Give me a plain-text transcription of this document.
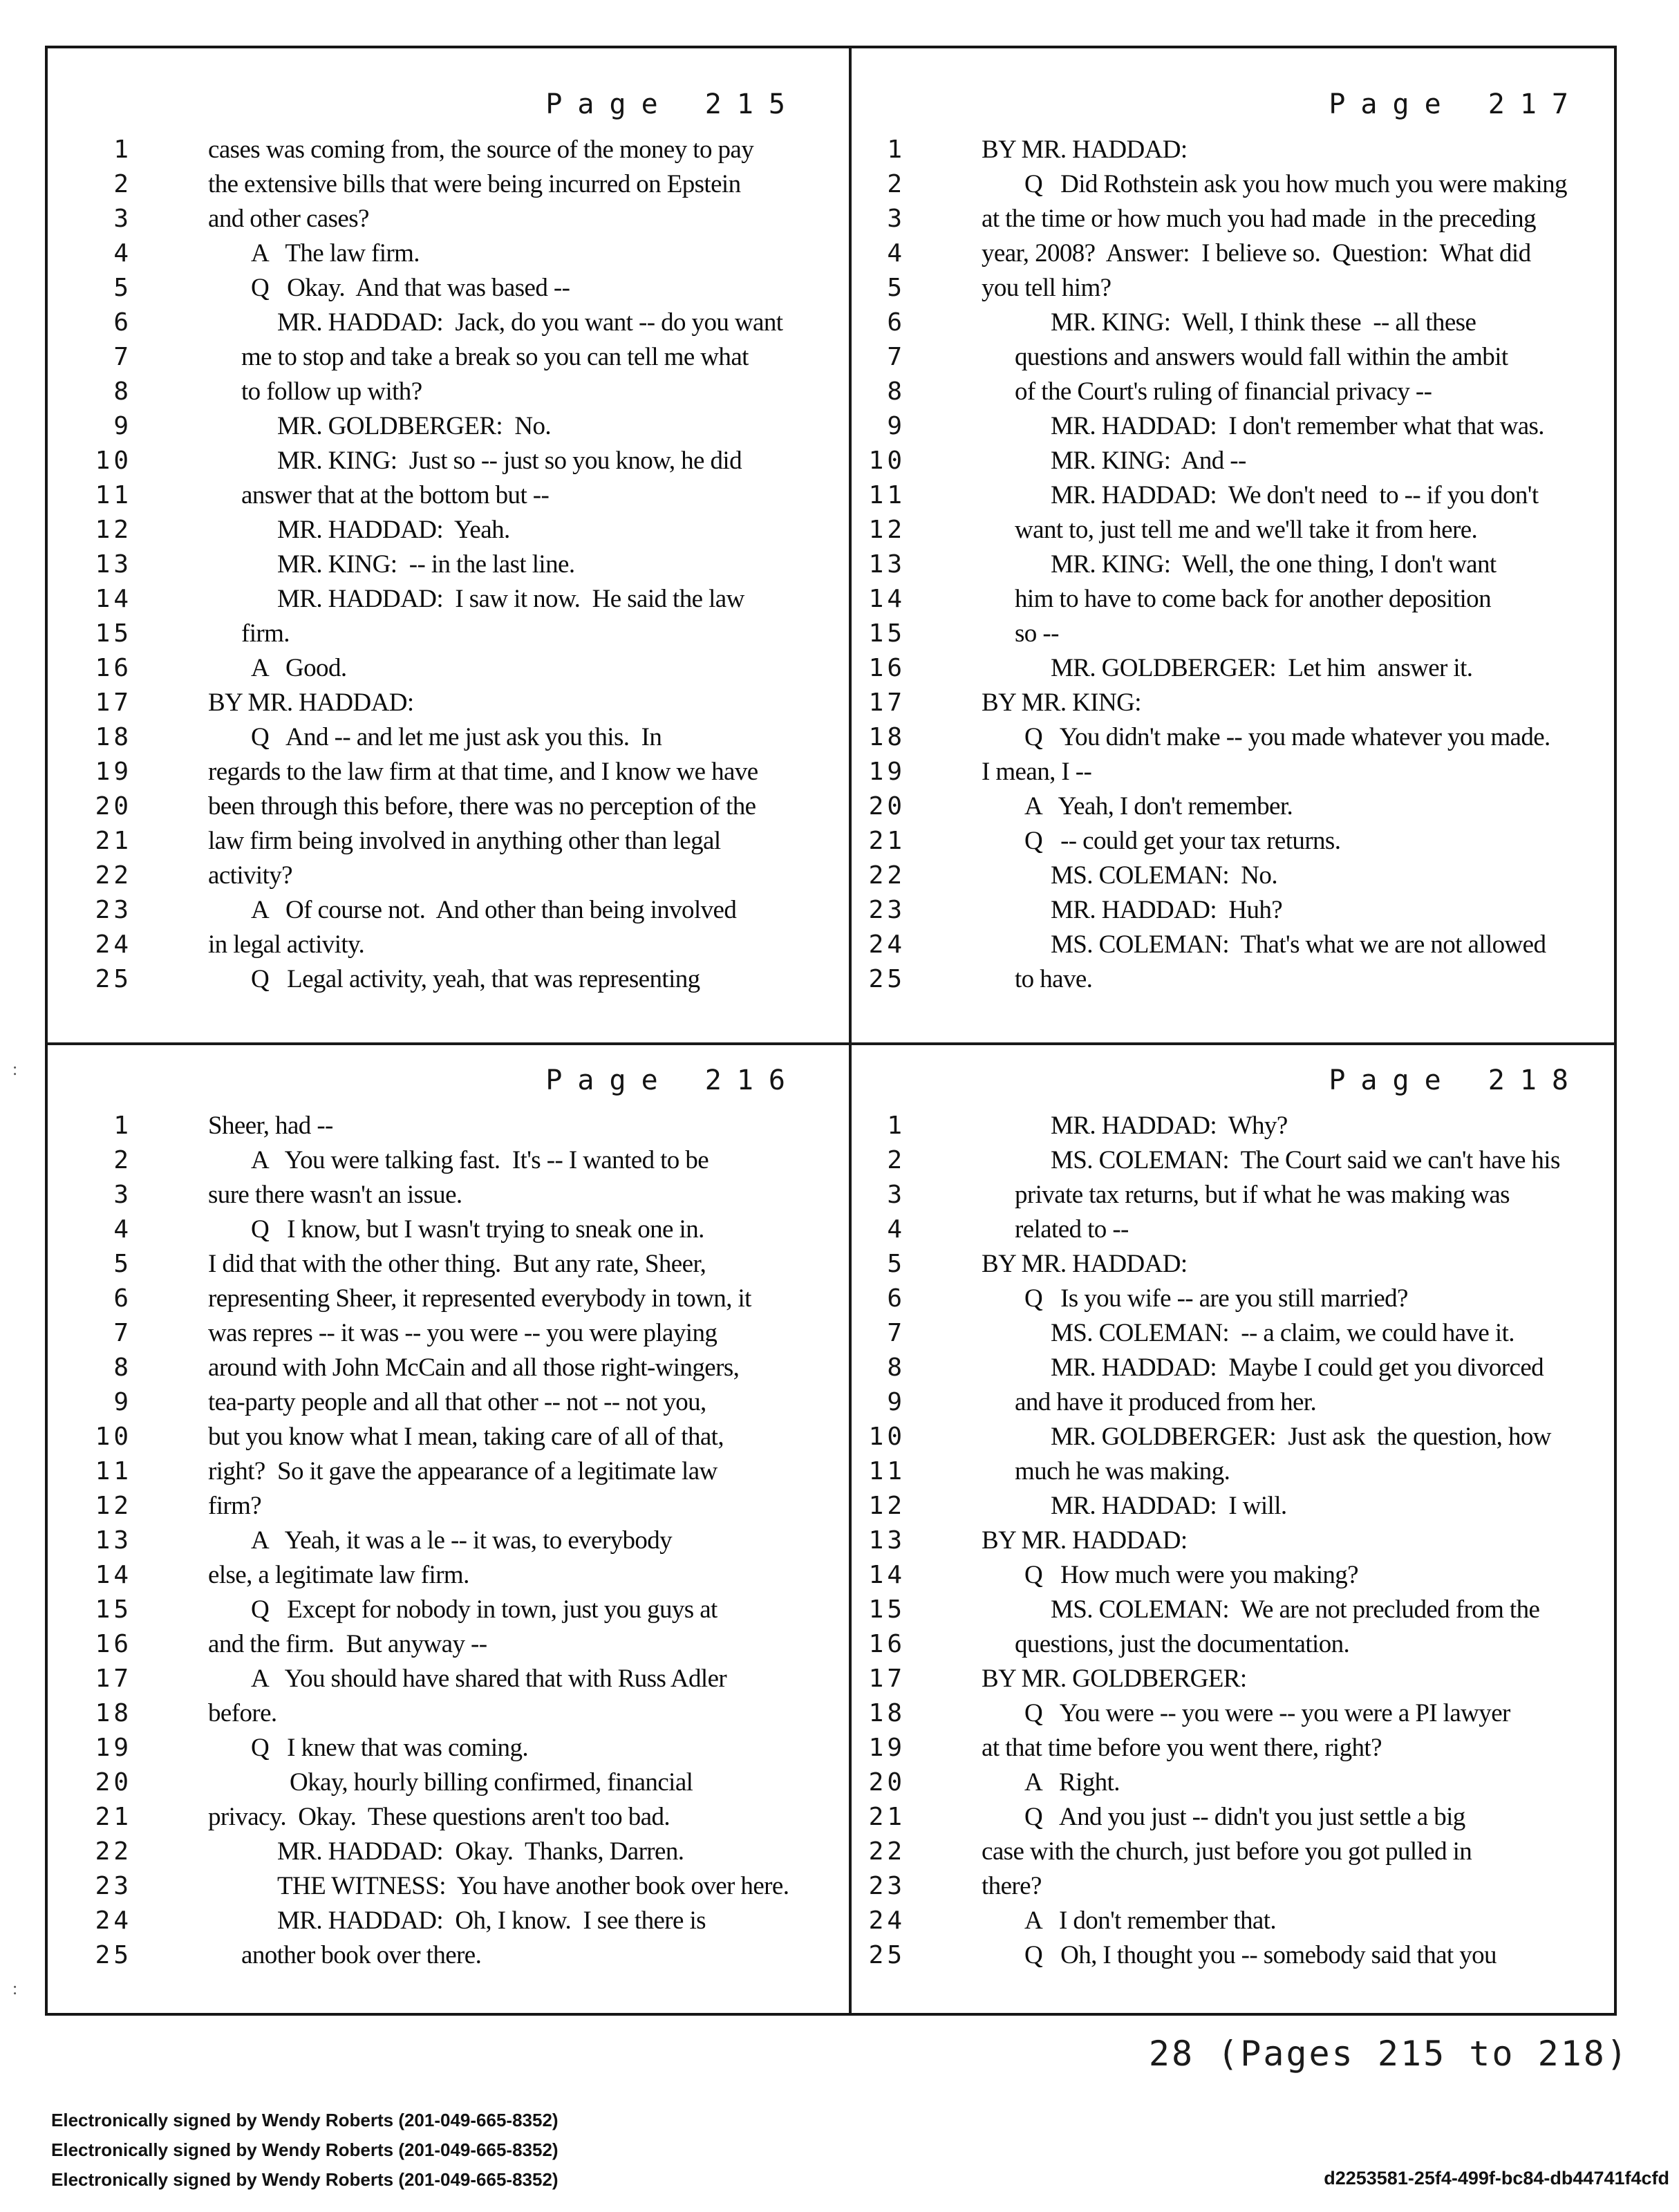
Page 215
1	cases was coming from, the source of the money to pay
2	the extensive bills that were being incurred on Epstein
3	and other cases?
4	A   The law firm.
5	Q   Okay.  And that was based --
6	MR. HADDAD:  Jack, do you want -- do you want
7	me to stop and take a break so you can tell me what
8	to follow up with?
9	MR. GOLDBERGER:  No.
10	MR. KING:  Just so -- just so you know, he did
11	answer that at the bottom but --
12	MR. HADDAD:  Yeah.
13	MR. KING:  -- in the last line.
14	MR. HADDAD:  I saw it now.  He said the law
15	firm.
16	A   Good.
17	BY MR. HADDAD:
18	Q   And -- and let me just ask you this.  In
19	regards to the law firm at that time, and I know we have
20	been through this before, there was no perception of the
21	law firm being involved in anything other than legal
22	activity?
23	A   Of course not.  And other than being involved
24	in legal activity.
25	Q   Legal activity, yeah, that was representing
Page 217
1	BY MR. HADDAD:
2	Q   Did Rothstein ask you how much you were making
3	at the time or how much you had made  in the preceding
4	year, 2008?  Answer:  I believe so.  Question:  What did
5	you tell him?
6	MR. KING:  Well, I think these  -- all these
7	questions and answers would fall within the ambit
8	of the Court's ruling of financial privacy --
9	MR. HADDAD:  I don't remember what that was.
10	MR. KING:  And --
11	MR. HADDAD:  We don't need  to -- if you don't
12	want to, just tell me and we'll take it from here.
13	MR. KING:  Well, the one thing, I don't want
14	him to have to come back for another deposition
15	so --
16	MR. GOLDBERGER:  Let him  answer it.
17	BY MR. KING:
18	Q   You didn't make -- you made whatever you made.
19	I mean, I --
20	A   Yeah, I don't remember.
21	Q   -- could get your tax returns.
22	MS. COLEMAN:  No.
23	MR. HADDAD:  Huh?
24	MS. COLEMAN:  That's what we are not allowed
25	to have.
Page 216
1	Sheer, had --
2	A   You were talking fast.  It's -- I wanted to be
3	sure there wasn't an issue.
4	Q   I know, but I wasn't trying to sneak one in.
5	I did that with the other thing.  But any rate, Sheer,
6	representing Sheer, it represented everybody in town, it
7	was repres -- it was -- you were -- you were playing
8	around with John McCain and all those right-wingers,
9	tea-party people and all that other -- not -- not you,
10	but you know what I mean, taking care of all of that,
11	right?  So it gave the appearance of a legitimate law
12	firm?
13	A   Yeah, it was a le -- it was, to everybody
14	else, a legitimate law firm.
15	Q   Except for nobody in town, just you guys at
16	and the firm.  But anyway --
17	A   You should have shared that with Russ Adler
18	before.
19	Q   I knew that was coming.
20	Okay, hourly billing confirmed, financial
21	privacy.  Okay.  These questions aren't too bad.
22	MR. HADDAD:  Okay.  Thanks, Darren.
23	THE WITNESS:  You have another book over here.
24	MR. HADDAD:  Oh, I know.  I see there is
25	another book over there.
Page 218
1	MR. HADDAD:  Why?
2	MS. COLEMAN:  The Court said we can't have his
3	private tax returns, but if what he was making was
4	related to --
5	BY MR. HADDAD:
6	Q   Is you wife -- are you still married?
7	MS. COLEMAN:  -- a claim, we could have it.
8	MR. HADDAD:  Maybe I could get you divorced
9	and have it produced from her.
10	MR. GOLDBERGER:  Just ask  the question, how
11	much he was making.
12	MR. HADDAD:  I will.
13	BY MR. HADDAD:
14	Q   How much were you making?
15	MS. COLEMAN:  We are not precluded from the
16	questions, just the documentation.
17	BY MR. GOLDBERGER:
18	Q   You were -- you were -- you were a PI lawyer
19	at that time before you went there, right?
20	A   Right.
21	Q   And you just -- didn't you just settle a big
22	case with the church, just before you got pulled in
23	there?
24	A   I don't remember that.
25	Q   Oh, I thought you -- somebody said that you
28 (Pages 215 to 218)
Electronically signed by Wendy Roberts (201-049-665-8352)
Electronically signed by Wendy Roberts (201-049-665-8352)
Electronically signed by Wendy Roberts (201-049-665-8352)	d2253581-25f4-499f-bc84-db44741f4cfd
:
:
